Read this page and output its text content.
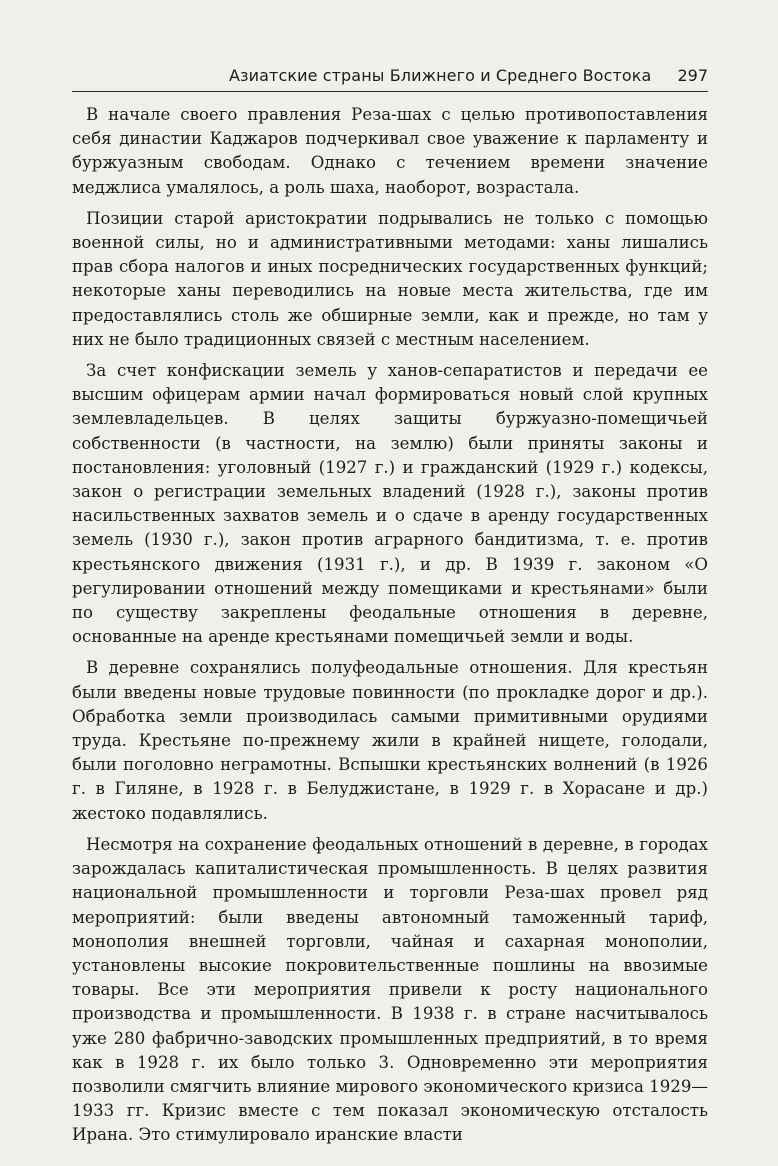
Азиатские страны Ближнего и Среднего Востока 297

В начале своего правления Реза-шах с целью противопоставления себя династии Каджаров подчеркивал свое уважение к парламенту и буржуазным свободам. Однако с течением времени значение меджлиса умалялось, а роль шаха, наоборот, возрастала.

Позиции старой аристократии подрывались не только с помощью военной силы, но и административными методами: ханы лишались прав сбора налогов и иных посреднических государственных функций; некоторые ханы переводились на новые места жительства, где им предоставлялись столь же обширные земли, как и прежде, но там у них не было традиционных связей с местным населением.

За счет конфискации земель у ханов-сепаратистов и передачи ее высшим офицерам армии начал формироваться новый слой крупных землевладельцев. В целях защиты буржуазно-помещичьей собственности (в частности, на землю) были приняты законы и постановления: уголовный (1927 г.) и гражданский (1929 г.) кодексы, закон о регистрации земельных владений (1928 г.), законы против насильственных захватов земель и о сдаче в аренду государственных земель (1930 г.), закон против аграрного бандитизма, т. е. против крестьянского движения (1931 г.), и др. В 1939 г. законом «О регулировании отношений между помещиками и крестьянами» были по существу закреплены феодальные отношения в деревне, основанные на аренде крестьянами помещичьей земли и воды.

В деревне сохранялись полуфеодальные отношения. Для крестьян были введены новые трудовые повинности (по прокладке дорог и др.). Обработка земли производилась самыми примитивными орудиями труда. Крестьяне по-прежнему жили в крайней нищете, голодали, были поголовно неграмотны. Вспышки крестьянских волнений (в 1926 г. в Гиляне, в 1928 г. в Белуджистане, в 1929 г. в Хорасане и др.) жестоко подавлялись.

Несмотря на сохранение феодальных отношений в деревне, в городах зарождалась капиталистическая промышленность. В целях развития национальной промышленности и торговли Реза-шах провел ряд мероприятий: были введены автономный таможенный тариф, монополия внешней торговли, чайная и сахарная монополии, установлены высокие покровительственные пошлины на ввозимые товары. Все эти мероприятия привели к росту национального производства и промышленности. В 1938 г. в стране насчитывалось уже 280 фабрично-заводских промышленных предприятий, в то время как в 1928 г. их было только 3. Одновременно эти мероприятия позволили смягчить влияние мирового экономического кризиса 1929—1933 гг. Кризис вместе с тем показал экономическую отсталость Ирана. Это стимулировало иранские власти
